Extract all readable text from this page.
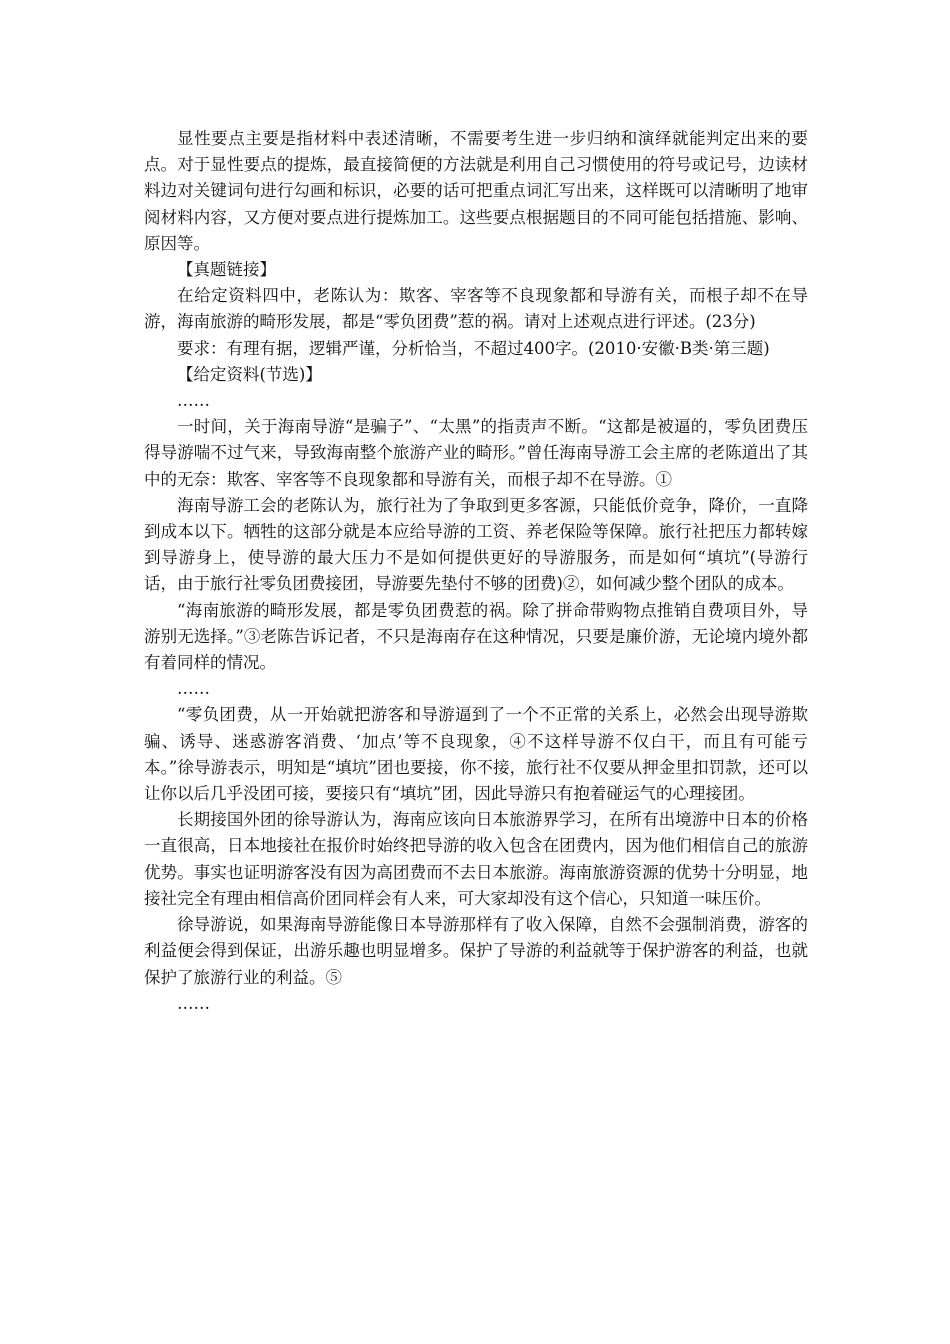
显性要点主要是指材料中表述清晰，不需要考生进一步归纳和演绎就能判定出来的要点。对于显性要点的提炼，最直接简便的方法就是利用自己习惯使用的符号或记号，边读材料边对关键词句进行勾画和标识，必要的话可把重点词汇写出来，这样既可以清晰明了地审阅材料内容，又方便对要点进行提炼加工。这些要点根据题目的不同可能包括措施、影响、原因等。

【真题链接】

在给定资料四中，老陈认为：欺客、宰客等不良现象都和导游有关，而根子却不在导游，海南旅游的畸形发展，都是“零负团费”惹的祸。请对上述观点进行评述。(23分)

要求：有理有据，逻辑严谨，分析恰当，不超过400字。(2010·安徽·B类·第三题)

【给定资料(节选)】

……

一时间，关于海南导游“是骗子”、“太黑”的指责声不断。“这都是被逼的，零负团费压得导游喘不过气来，导致海南整个旅游产业的畸形。”曾任海南导游工会主席的老陈道出了其中的无奈：欺客、宰客等不良现象都和导游有关，而根子却不在导游。①

海南导游工会的老陈认为，旅行社为了争取到更多客源，只能低价竞争，降价，一直降到成本以下。牺牲的这部分就是本应给导游的工资、养老保险等保障。旅行社把压力都转嫁到导游身上，使导游的最大压力不是如何提供更好的导游服务，而是如何“填坑”(导游行话，由于旅行社零负团费接团，导游要先垫付不够的团费)②，如何减少整个团队的成本。

“海南旅游的畸形发展，都是零负团费惹的祸。除了拼命带购物点推销自费项目外，导游别无选择。”③老陈告诉记者，不只是海南存在这种情况，只要是廉价游，无论境内境外都有着同样的情况。

……

“零负团费，从一开始就把游客和导游逼到了一个不正常的关系上，必然会出现导游欺骗、诱导、迷惑游客消费、‘加点’等不良现象，④不这样导游不仅白干，而且有可能亏本。”徐导游表示，明知是“填坑”团也要接，你不接，旅行社不仅要从押金里扣罚款，还可以让你以后几乎没团可接，要接只有“填坑”团，因此导游只有抱着碰运气的心理接团。

长期接国外团的徐导游认为，海南应该向日本旅游界学习，在所有出境游中日本的价格一直很高，日本地接社在报价时始终把导游的收入包含在团费内，因为他们相信自己的旅游优势。事实也证明游客没有因为高团费而不去日本旅游。海南旅游资源的优势十分明显，地接社完全有理由相信高价团同样会有人来，可大家却没有这个信心，只知道一味压价。

徐导游说，如果海南导游能像日本导游那样有了收入保障，自然不会强制消费，游客的利益便会得到保证，出游乐趣也明显增多。保护了导游的利益就等于保护游客的利益，也就保护了旅游行业的利益。⑤

……
